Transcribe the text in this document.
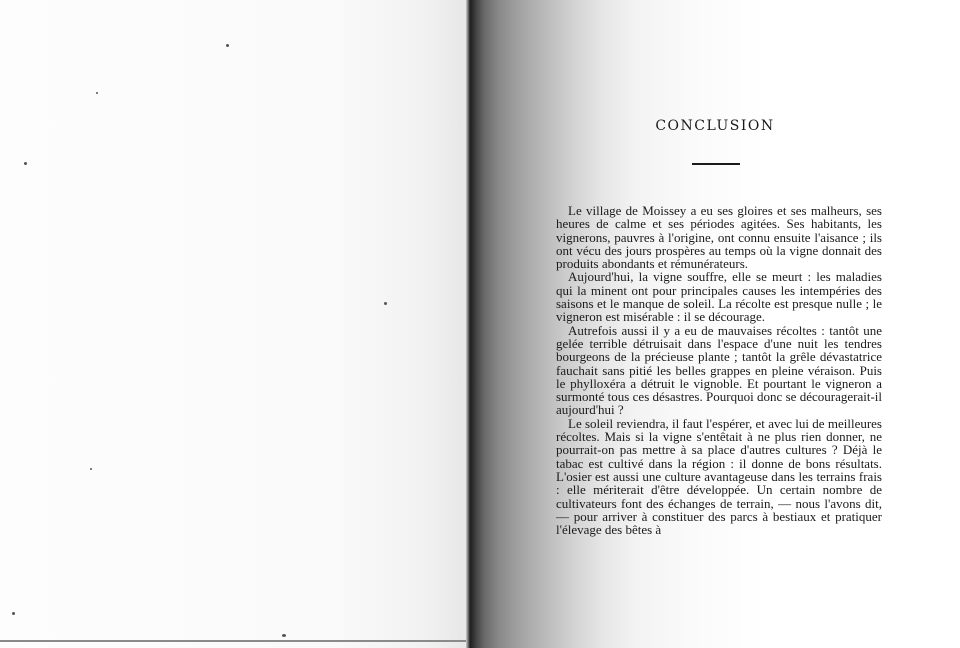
CONCLUSION

Le village de Moissey a eu ses gloires et ses malheurs, ses heures de calme et ses périodes agitées. Ses habitants, les vignerons, pauvres à l'origine, ont connu ensuite l'aisance ; ils ont vécu des jours prospères au temps où la vigne donnait des produits abondants et rémunérateurs.

Aujourd'hui, la vigne souffre, elle se meurt : les maladies qui la minent ont pour principales causes les intempéries des saisons et le manque de soleil. La récolte est presque nulle ; le vigneron est misérable : il se décourage.

Autrefois aussi il y a eu de mauvaises récoltes : tantôt une gelée terrible détruisait dans l'espace d'une nuit les tendres bourgeons de la précieuse plante ; tantôt la grêle dévastatrice fauchait sans pitié les belles grappes en pleine véraison. Puis le phylloxéra a détruit le vignoble. Et pourtant le vigneron a surmonté tous ces désastres. Pourquoi donc se découragerait-il aujourd'hui ?

Le soleil reviendra, il faut l'espérer, et avec lui de meilleures récoltes. Mais si la vigne s'entêtait à ne plus rien donner, ne pourrait-on pas mettre à sa place d'autres cultures ? Déjà le tabac est cultivé dans la région : il donne de bons résultats. L'osier est aussi une culture avantageuse dans les terrains frais : elle mériterait d'être développée. Un certain nombre de cultivateurs font des échanges de terrain, — nous l'avons dit, — pour arriver à constituer des parcs à bestiaux et pratiquer l'élevage des bêtes à
